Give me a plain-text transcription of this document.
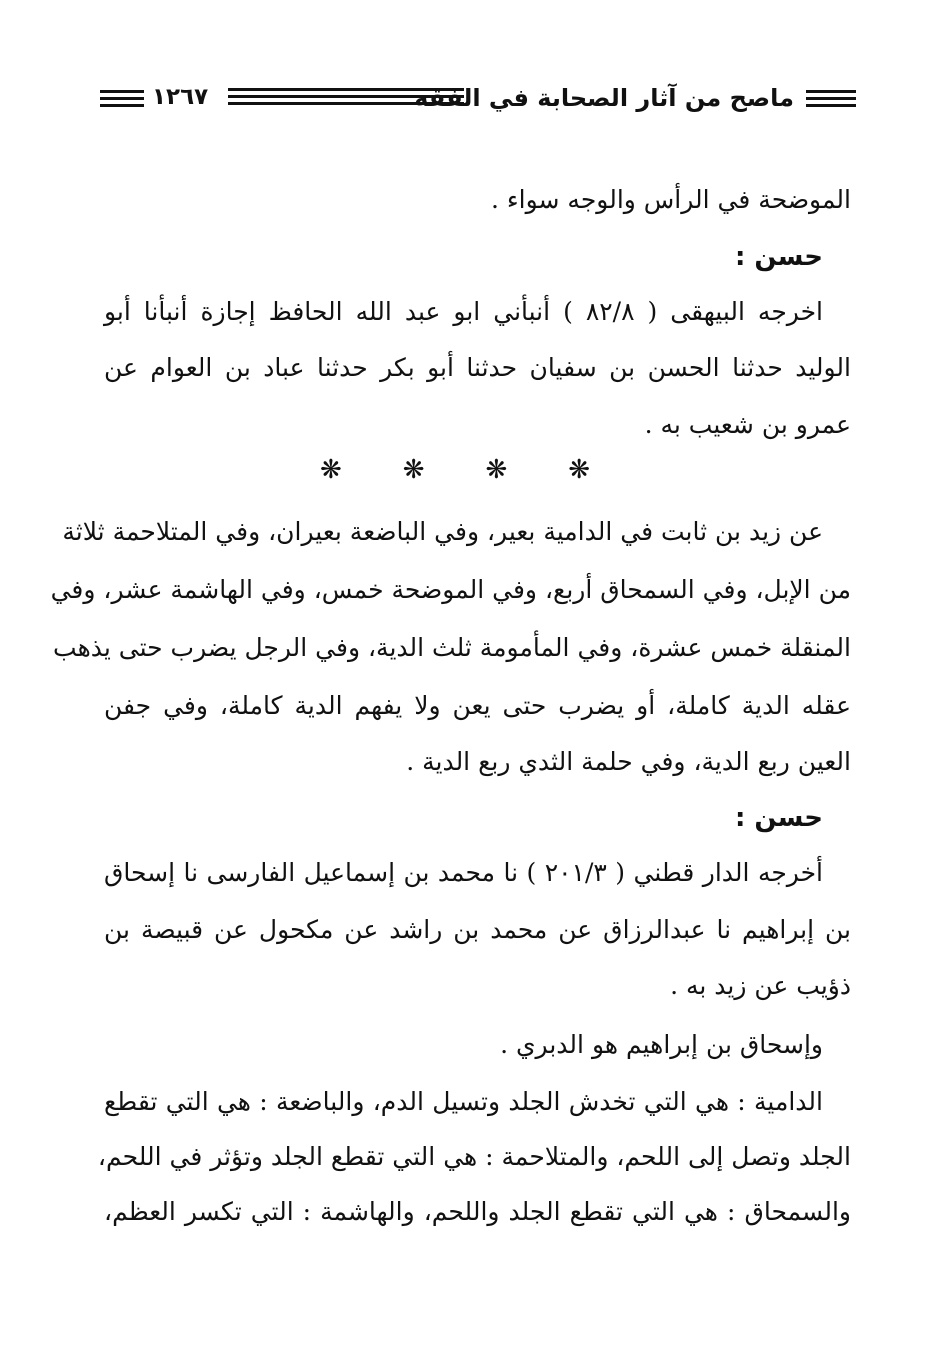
١٢٦٧	ماصح من آثار الصحابة في الفقه
الموضحة في الرأس والوجه سواء .
حسن :
اخرجه البيهقى ( ٨٢/٨ ) أنبأني ابو عبد الله الحافظ إجازة أنبأنا أبو
الوليد حدثنا الحسن بن سفيان حدثنا أبو بكر حدثنا عباد بن العوام عن
عمرو بن شعيب به .
❋ ❋ ❋ ❋
عن زيد بن ثابت في الدامية بعير، وفي الباضعة بعيران، وفي المتلاحمة ثلاثة
من الإبل، وفي السمحاق أربع، وفي الموضحة خمس، وفي الهاشمة عشر، وفي
المنقلة خمس عشرة، وفي المأمومة ثلث الدية، وفي الرجل يضرب حتى يذهب
عقله الدية كاملة، أو يضرب حتى يعن ولا يفهم الدية كاملة، وفي جفن
العين ربع الدية، وفي حلمة الثدي ربع الدية .
حسن :
أخرجه الدار قطني ( ٢٠١/٣ ) نا محمد بن إسماعيل الفارسى نا إسحاق
بن إبراهيم نا عبدالرزاق عن محمد بن راشد عن مكحول عن قبيصة بن
ذؤيب عن زيد به .
وإسحاق بن إبراهيم هو الدبري .
الدامية : هي التي تخدش الجلد وتسيل الدم، والباضعة : هي التي تقطع
الجلد وتصل إلى اللحم، والمتلاحمة : هي التي تقطع الجلد وتؤثر في اللحم،
والسمحاق : هي التي تقطع الجلد واللحم، والهاشمة : التي تكسر العظم،
